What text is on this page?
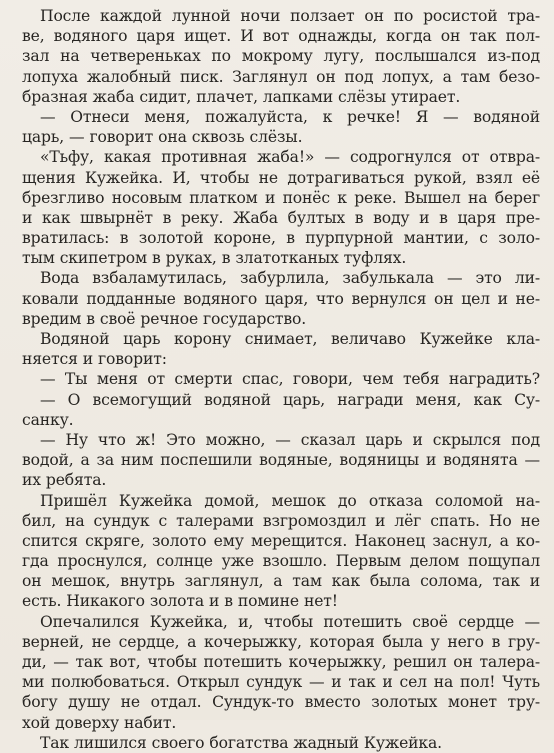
После каждой лунной ночи ползает он по росистой тра-
ве, водяного царя ищет. И вот однажды, когда он так пол-
зал на четвереньках по мокрому лугу, послышался из-под
лопуха жалобный писк. Заглянул он под лопух, а там безо-
бразная жаба сидит, плачет, лапками слёзы утирает.
— Отнеси меня, пожалуйста, к речке! Я — водяной
царь, — говорит она сквозь слёзы.
«Тьфу, какая противная жаба!» — содрогнулся от отвра-
щения Кужейка. И, чтобы не дотрагиваться рукой, взял её
брезгливо носовым платком и понёс к реке. Вышел на берег
и как швырнёт в реку. Жаба бултых в воду и в царя пре-
вратилась: в золотой короне, в пурпурной мантии, с золо-
тым скипетром в руках, в златотканых туфлях.
Вода взбаламутилась, забурлила, забулькала — это ли-
ковали подданные водяного царя, что вернулся он цел и не-
вредим в своё речное государство.
Водяной царь корону снимает, величаво Кужейке кла-
няется и говорит:
— Ты меня от смерти спас, говори, чем тебя наградить?
— О всемогущий водяной царь, награди меня, как Су-
санку.
— Ну что ж! Это можно, — сказал царь и скрылся под
водой, а за ним поспешили водяные, водяницы и водянята —
их ребята.
Пришёл Кужейка домой, мешок до отказа соломой на-
бил, на сундук с талерами взгромоздил и лёг спать. Но не
спится скряге, золото ему мерещится. Наконец заснул, а ко-
гда проснулся, солнце уже взошло. Первым делом пощупал
он мешок, внутрь заглянул, а там как была солома, так и
есть. Никакого золота и в помине нет!
Опечалился Кужейка, и, чтобы потешить своё сердце —
верней, не сердце, а кочерыжку, которая была у него в гру-
ди, — так вот, чтобы потешить кочерыжку, решил он талера-
ми полюбоваться. Открыл сундук — и так и сел на пол! Чуть
богу душу не отдал. Сундук-то вместо золотых монет тру-
хой доверху набит.
Так лишился своего богатства жадный Кужейка.
